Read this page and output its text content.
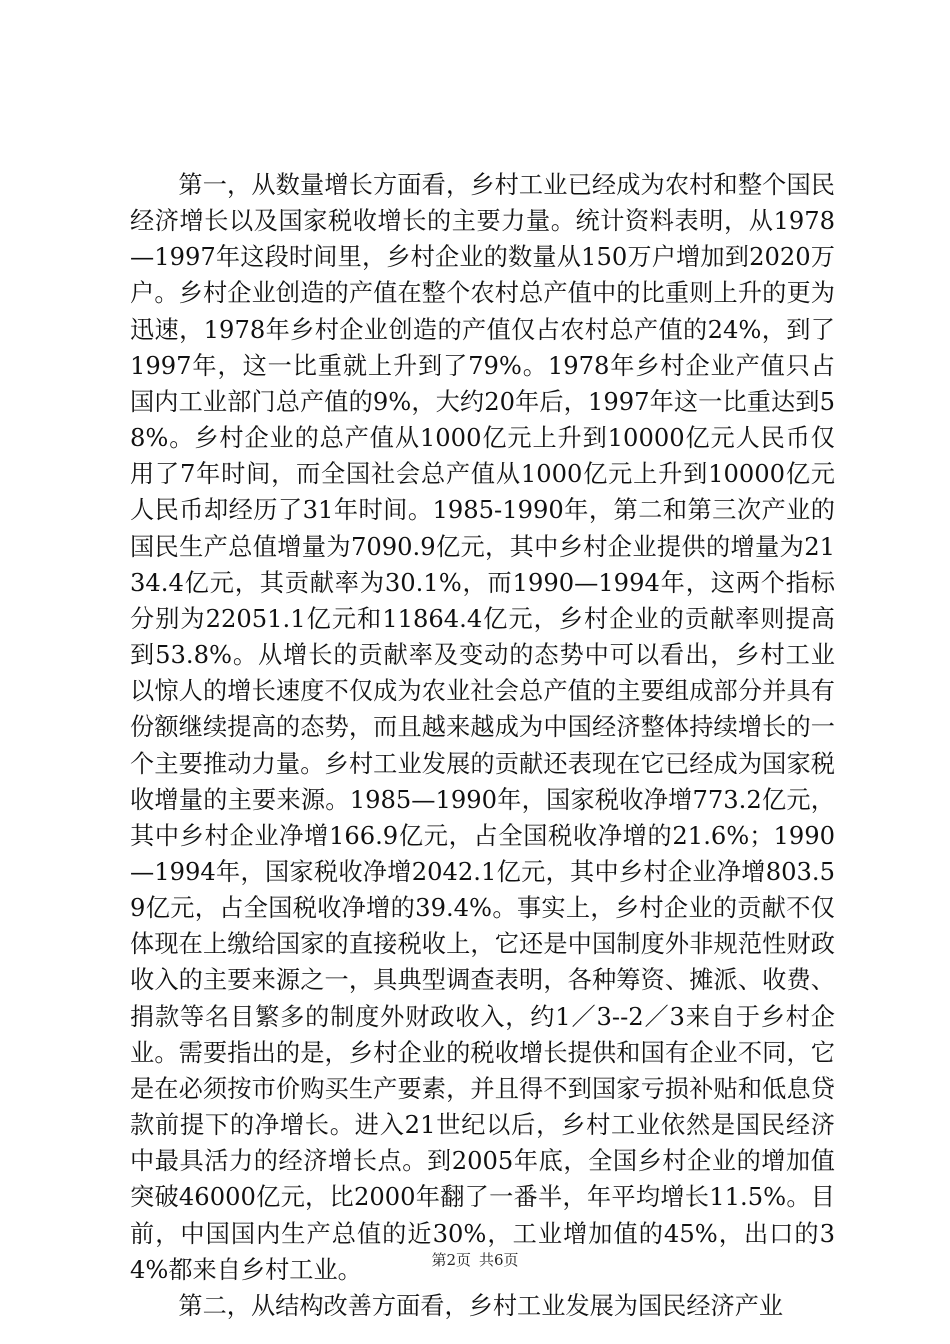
第一，从数量增长方面看，乡村工业已经成为农村和整个国民经济增长以及国家税收增长的主要力量。统计资料表明，从1978—1997年这段时间里，乡村企业的数量从150万户增加到2020万户。乡村企业创造的产值在整个农村总产值中的比重则上升的更为迅速，1978年乡村企业创造的产值仅占农村总产值的24%，到了1997年，这一比重就上升到了79%。1978年乡村企业产值只占国内工业部门总产值的9%，大约20年后，1997年这一比重达到58%。乡村企业的总产值从1000亿元上升到10000亿元人民币仅用了7年时间，而全国社会总产值从1000亿元上升到10000亿元人民币却经历了31年时间。1985-1990年，第二和第三次产业的国民生产总值增量为7090.9亿元，其中乡村企业提供的增量为2134.4亿元，其贡献率为30.1%，而1990—1994年，这两个指标分别为22051.1亿元和11864.4亿元，乡村企业的贡献率则提高到53.8%。从增长的贡献率及变动的态势中可以看出，乡村工业以惊人的增长速度不仅成为农业社会总产值的主要组成部分并具有份额继续提高的态势，而且越来越成为中国经济整体持续增长的一个主要推动力量。乡村工业发展的贡献还表现在它已经成为国家税收增量的主要来源。1985—1990年，国家税收净增773.2亿元，其中乡村企业净增166.9亿元，占全国税收净增的21.6%；1990—1994年，国家税收净增2042.1亿元，其中乡村企业净增803.59亿元，占全国税收净增的39.4%。事实上，乡村企业的贡献不仅体现在上缴给国家的直接税收上，它还是中国制度外非规范性财政收入的主要来源之一，具典型调查表明，各种筹资、摊派、收费、捐款等名目繁多的制度外财政收入，约1／3--2／3来自于乡村企业。需要指出的是，乡村企业的税收增长提供和国有企业不同，它是在必须按市价购买生产要素，并且得不到国家亏损补贴和低息贷款前提下的净增长。进入21世纪以后，乡村工业依然是国民经济中最具活力的经济增长点。到2005年底，全国乡村企业的增加值突破46000亿元，比2000年翻了一番半，年平均增长11.5%。目前，中国国内生产总值的近30%，工业增加值的45%，出口的34%都来自乡村工业。

第二，从结构改善方面看，乡村工业发展为国民经济产业

第2页 共6页
